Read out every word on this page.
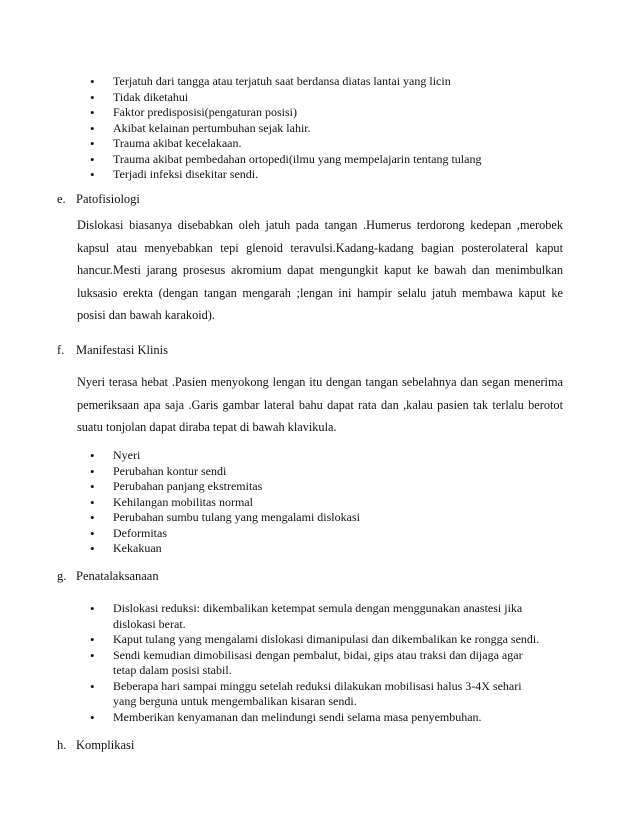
• Terjatuh dari tangga atau terjatuh saat berdansa diatas lantai yang licin
• Tidak diketahui
• Faktor predisposisi(pengaturan posisi)
• Akibat kelainan pertumbuhan sejak lahir.
• Trauma akibat kecelakaan.
• Trauma akibat pembedahan ortopedi(ilmu yang mempelajarin tentang tulang
• Terjadi infeksi disekitar sendi.
e. Patofisiologi

Dislokasi biasanya disebabkan oleh jatuh pada tangan .Humerus terdorong kedepan ,merobek kapsul atau menyebabkan tepi glenoid teravulsi.Kadang-kadang bagian posterolateral kaput hancur.Mesti jarang prosesus akromium dapat mengungkit kaput ke bawah dan menimbulkan luksasio erekta (dengan tangan mengarah ;lengan ini hampir selalu jatuh membawa kaput ke posisi dan bawah karakoid).

f. Manifestasi Klinis

Nyeri terasa hebat .Pasien menyokong lengan itu dengan tangan sebelahnya dan segan menerima pemeriksaan apa saja .Garis gambar lateral bahu dapat rata dan ,kalau pasien tak terlalu berotot suatu tonjolan dapat diraba tepat di bawah klavikula.

• Nyeri
• Perubahan kontur sendi
• Perubahan panjang ekstremitas
• Kehilangan mobilitas normal
• Perubahan sumbu tulang yang mengalami dislokasi
• Deformitas
• Kekakuan
g. Penatalaksanaan
• Dislokasi reduksi: dikembalikan ketempat semula dengan menggunakan anastesi jika dislokasi berat.
• Kaput tulang yang mengalami dislokasi dimanipulasi dan dikembalikan ke rongga sendi.
• Sendi kemudian dimobilisasi dengan pembalut, bidai, gips atau traksi dan dijaga agar tetap dalam posisi stabil.
• Beberapa hari sampai minggu setelah reduksi dilakukan mobilisasi halus 3-4X sehari yang berguna untuk mengembalikan kisaran sendi.
• Memberikan kenyamanan dan melindungi sendi selama masa penyembuhan.
h. Komplikasi
